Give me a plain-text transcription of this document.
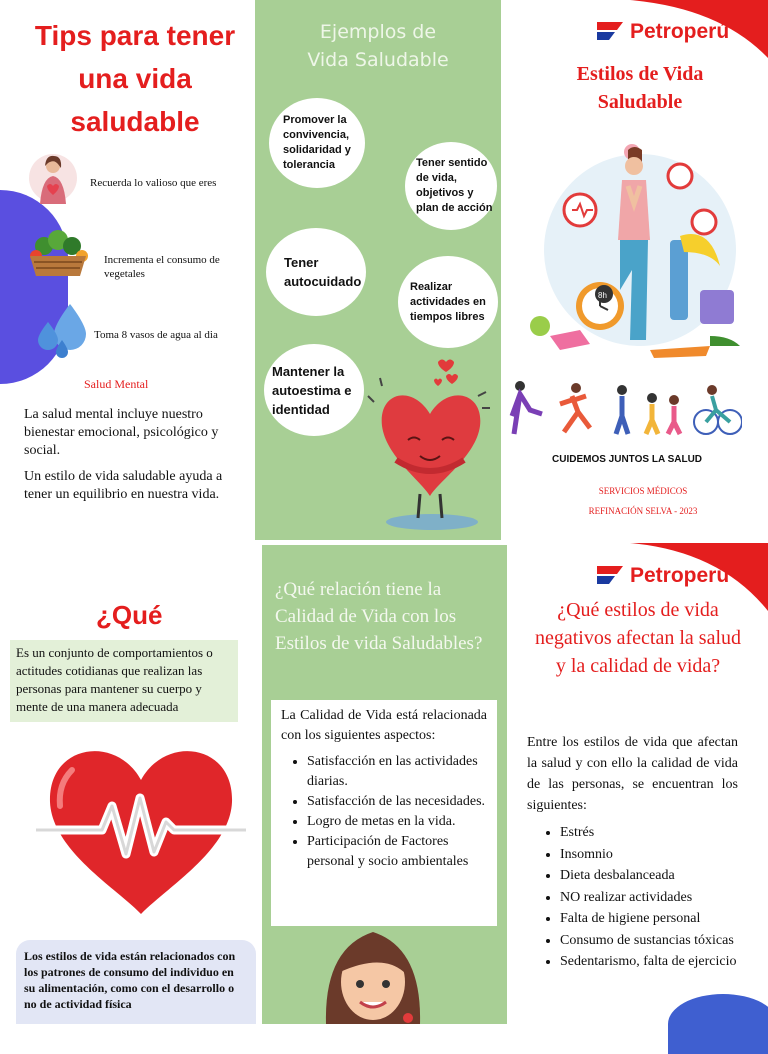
Tips para tener
una vida
saludable
Recuerda lo valioso que eres
Incrementa el consumo de vegetales
Toma 8 vasos de agua al dia
Salud Mental
La salud mental incluye nuestro bienestar emocional, psicológico y social.
Un estilo de vida saludable ayuda a tener un equilibrio en nuestra vida.
Ejemplos de
Vida Saludable
Promover la convivencia, solidaridad y tolerancia	Tener sentido de vida, objetivos y plan de acción
Tener autocuidado	Realizar actividades en tiempos libres
Mantener la autoestima e identidad
Petroperú
Estilos de Vida
Saludable
8h
CUIDEMOS JUNTOS LA SALUD
SERVICIOS MÉDICOS
REFINACIÓN SELVA - 2023
¿Qué
Es un conjunto de comportamientos o actitudes cotidianas que realizan las personas para mantener su cuerpo y mente de una manera adecuada
Los estilos de vida están relacionados con los patrones de consumo del individuo en su alimentación, como con el desarrollo o no de actividad física
¿Qué relación tiene la Calidad de Vida con los Estilos de vida Saludables?
La Calidad de Vida está relacionada con los siguientes aspectos:
• Satisfacción en las actividades diarias.
• Satisfacción de las necesidades.
• Logro de metas en la vida.
• Participación de Factores personal y socio ambientales
Petroperú
¿Qué estilos de vida negativos afectan la salud y la calidad de vida?
Entre los estilos de vida que afectan la salud y con ello la calidad de vida de las personas, se encuentran los siguientes:
• Estrés
• Insomnio
• Dieta desbalanceada
• NO realizar actividades
• Falta de higiene personal
• Consumo de sustancias tóxicas
• Sedentarismo, falta de ejercicio
